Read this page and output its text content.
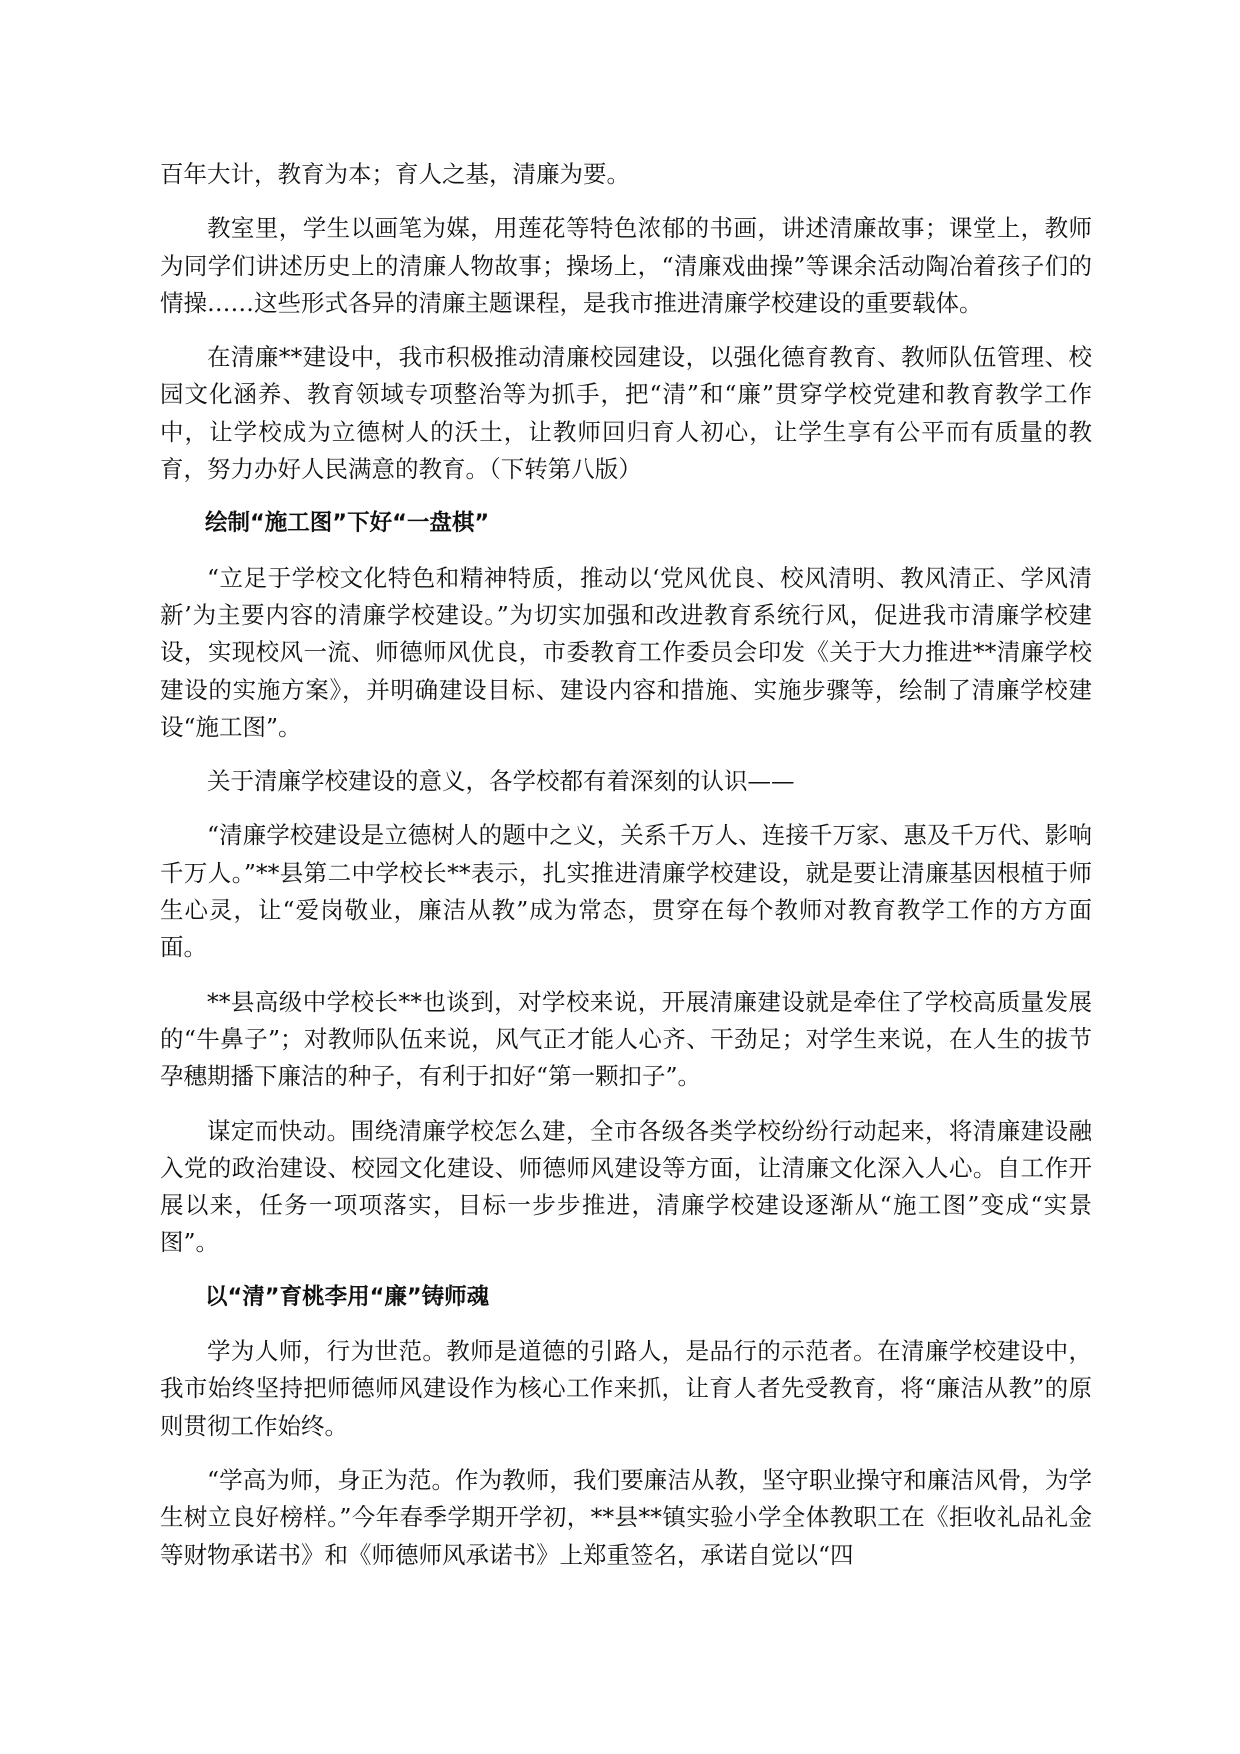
百年大计，教育为本；育人之基，清廉为要。

教室里，学生以画笔为媒，用莲花等特色浓郁的书画，讲述清廉故事；课堂上，教师为同学们讲述历史上的清廉人物故事；操场上，“清廉戏曲操”等课余活动陶冶着孩子们的情操……这些形式各异的清廉主题课程，是我市推进清廉学校建设的重要载体。

在清廉**建设中，我市积极推动清廉校园建设，以强化德育教育、教师队伍管理、校园文化涵养、教育领域专项整治等为抓手，把“清”和“廉”贯穿学校党建和教育教学工作中，让学校成为立德树人的沃土，让教师回归育人初心，让学生享有公平而有质量的教育，努力办好人民满意的教育。（下转第八版）

绘制“施工图”下好“一盘棋”

“立足于学校文化特色和精神特质，推动以‘党风优良、校风清明、教风清正、学风清新’为主要内容的清廉学校建设。”为切实加强和改进教育系统行风，促进我市清廉学校建设，实现校风一流、师德师风优良，市委教育工作委员会印发《关于大力推进**清廉学校建设的实施方案》，并明确建设目标、建设内容和措施、实施步骤等，绘制了清廉学校建设“施工图”。

关于清廉学校建设的意义，各学校都有着深刻的认识——

“清廉学校建设是立德树人的题中之义，关系千万人、连接千万家、惠及千万代、影响千万人。”**县第二中学校长**表示，扎实推进清廉学校建设，就是要让清廉基因根植于师生心灵，让“爱岗敬业，廉洁从教”成为常态，贯穿在每个教师对教育教学工作的方方面面。

**县高级中学校长**也谈到，对学校来说，开展清廉建设就是牵住了学校高质量发展的“牛鼻子”；对教师队伍来说，风气正才能人心齐、干劲足；对学生来说，在人生的拔节孕穗期播下廉洁的种子，有利于扣好“第一颗扣子”。

谋定而快动。围绕清廉学校怎么建，全市各级各类学校纷纷行动起来，将清廉建设融入党的政治建设、校园文化建设、师德师风建设等方面，让清廉文化深入人心。自工作开展以来，任务一项项落实，目标一步步推进，清廉学校建设逐渐从“施工图”变成“实景图”。

以“清”育桃李用“廉”铸师魂

学为人师，行为世范。教师是道德的引路人，是品行的示范者。在清廉学校建设中，我市始终坚持把师德师风建设作为核心工作来抓，让育人者先受教育，将“廉洁从教”的原则贯彻工作始终。

“学高为师，身正为范。作为教师，我们要廉洁从教，坚守职业操守和廉洁风骨，为学生树立良好榜样。”今年春季学期开学初，**县**镇实验小学全体教职工在《拒收礼品礼金等财物承诺书》和《师德师风承诺书》上郑重签名，承诺自觉以“四
